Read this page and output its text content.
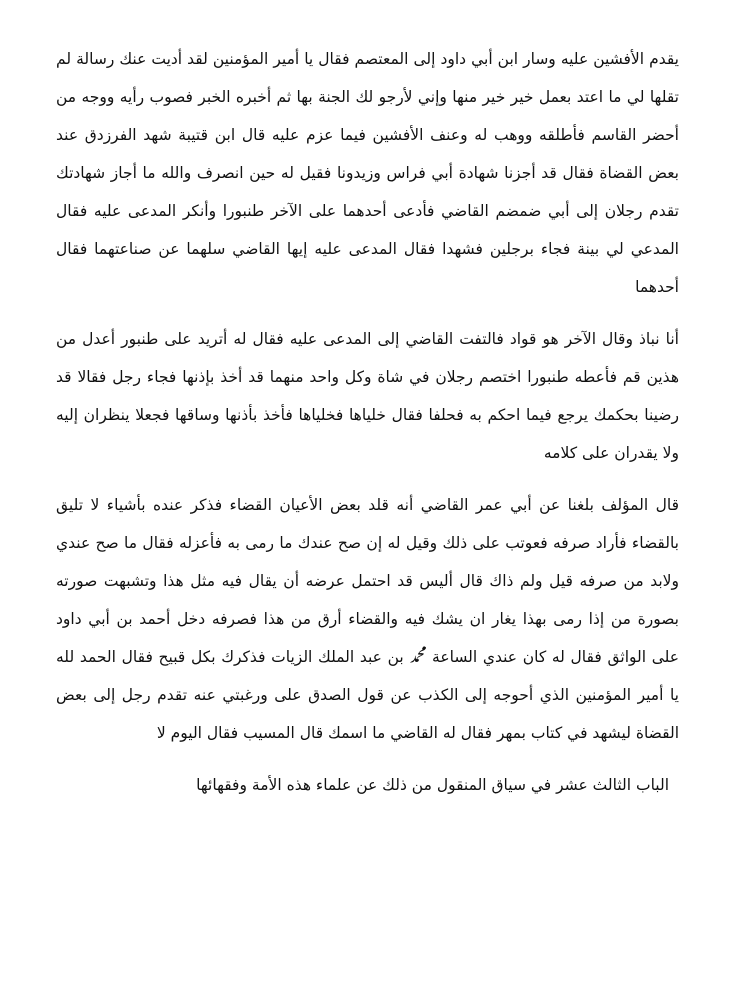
يقدم الأفشين عليه وسار ابن أبي داود إلى المعتصم فقال يا أمير المؤمنين لقد أديت عنك رسالة لم تقلها لي ما اعتد بعمل خير خير منها وإني لأرجو لك الجنة بها ثم أخبره الخبر فصوب رأيه ووجه من أحضر القاسم فأطلقه ووهب له وعنف الأفشين فيما عزم عليه قال ابن قتيبة شهد الفرزدق عند بعض القضاة فقال قد أجزنا شهادة أبي فراس وزيدونا فقيل له حين انصرف والله ما أجاز شهادتك تقدم رجلان إلى أبي ضمضم القاضي فأدعى أحدهما على الآخر طنبورا وأنكر المدعى عليه فقال المدعي لي بينة فجاء برجلين فشهدا فقال المدعى عليه إيها القاضي سلهما عن صناعتهما فقال أحدهما

أنا نباذ وقال الآخر هو قواد فالتفت القاضي إلى المدعى عليه فقال له أتريد على طنبور أعدل من هذين قم فأعطه طنبورا اختصم رجلان في شاة وكل واحد منهما قد أخذ بإذنها فجاء رجل فقالا قد رضينا بحكمك يرجع فيما احكم به فحلفا فقال خلياها فخلياها فأخذ بأذنها وساقها فجعلا ينظران إليه ولا يقدران على كلامه

قال المؤلف بلغنا عن أبي عمر القاضي أنه قلد بعض الأعيان القضاء فذكر عنده بأشياء لا تليق بالقضاء فأراد صرفه فعوتب على ذلك وقيل له إن صح عندك ما رمى به فأعزله فقال ما صح عندي ولابد من صرفه قيل ولم ذاك قال أليس قد احتمل عرضه أن يقال فيه مثل هذا وتشبهت صورته بصورة من إذا رمى بهذا يغار ان يشك فيه والقضاء أرق من هذا فصرفه دخل أحمد بن أبي داود على الواثق فقال له كان عندي الساعة ﷴ بن عبد الملك الزيات فذكرك بكل قبيح فقال الحمد لله يا أمير المؤمنين الذي أحوجه إلى الكذب عن قول الصدق على ورغبتي عنه تقدم رجل إلى بعض القضاة ليشهد في كتاب بمهر فقال له القاضي ما اسمك قال المسيب فقال اليوم لا

الباب الثالث عشر في سياق المنقول من ذلك عن علماء هذه الأمة وفقهائها
